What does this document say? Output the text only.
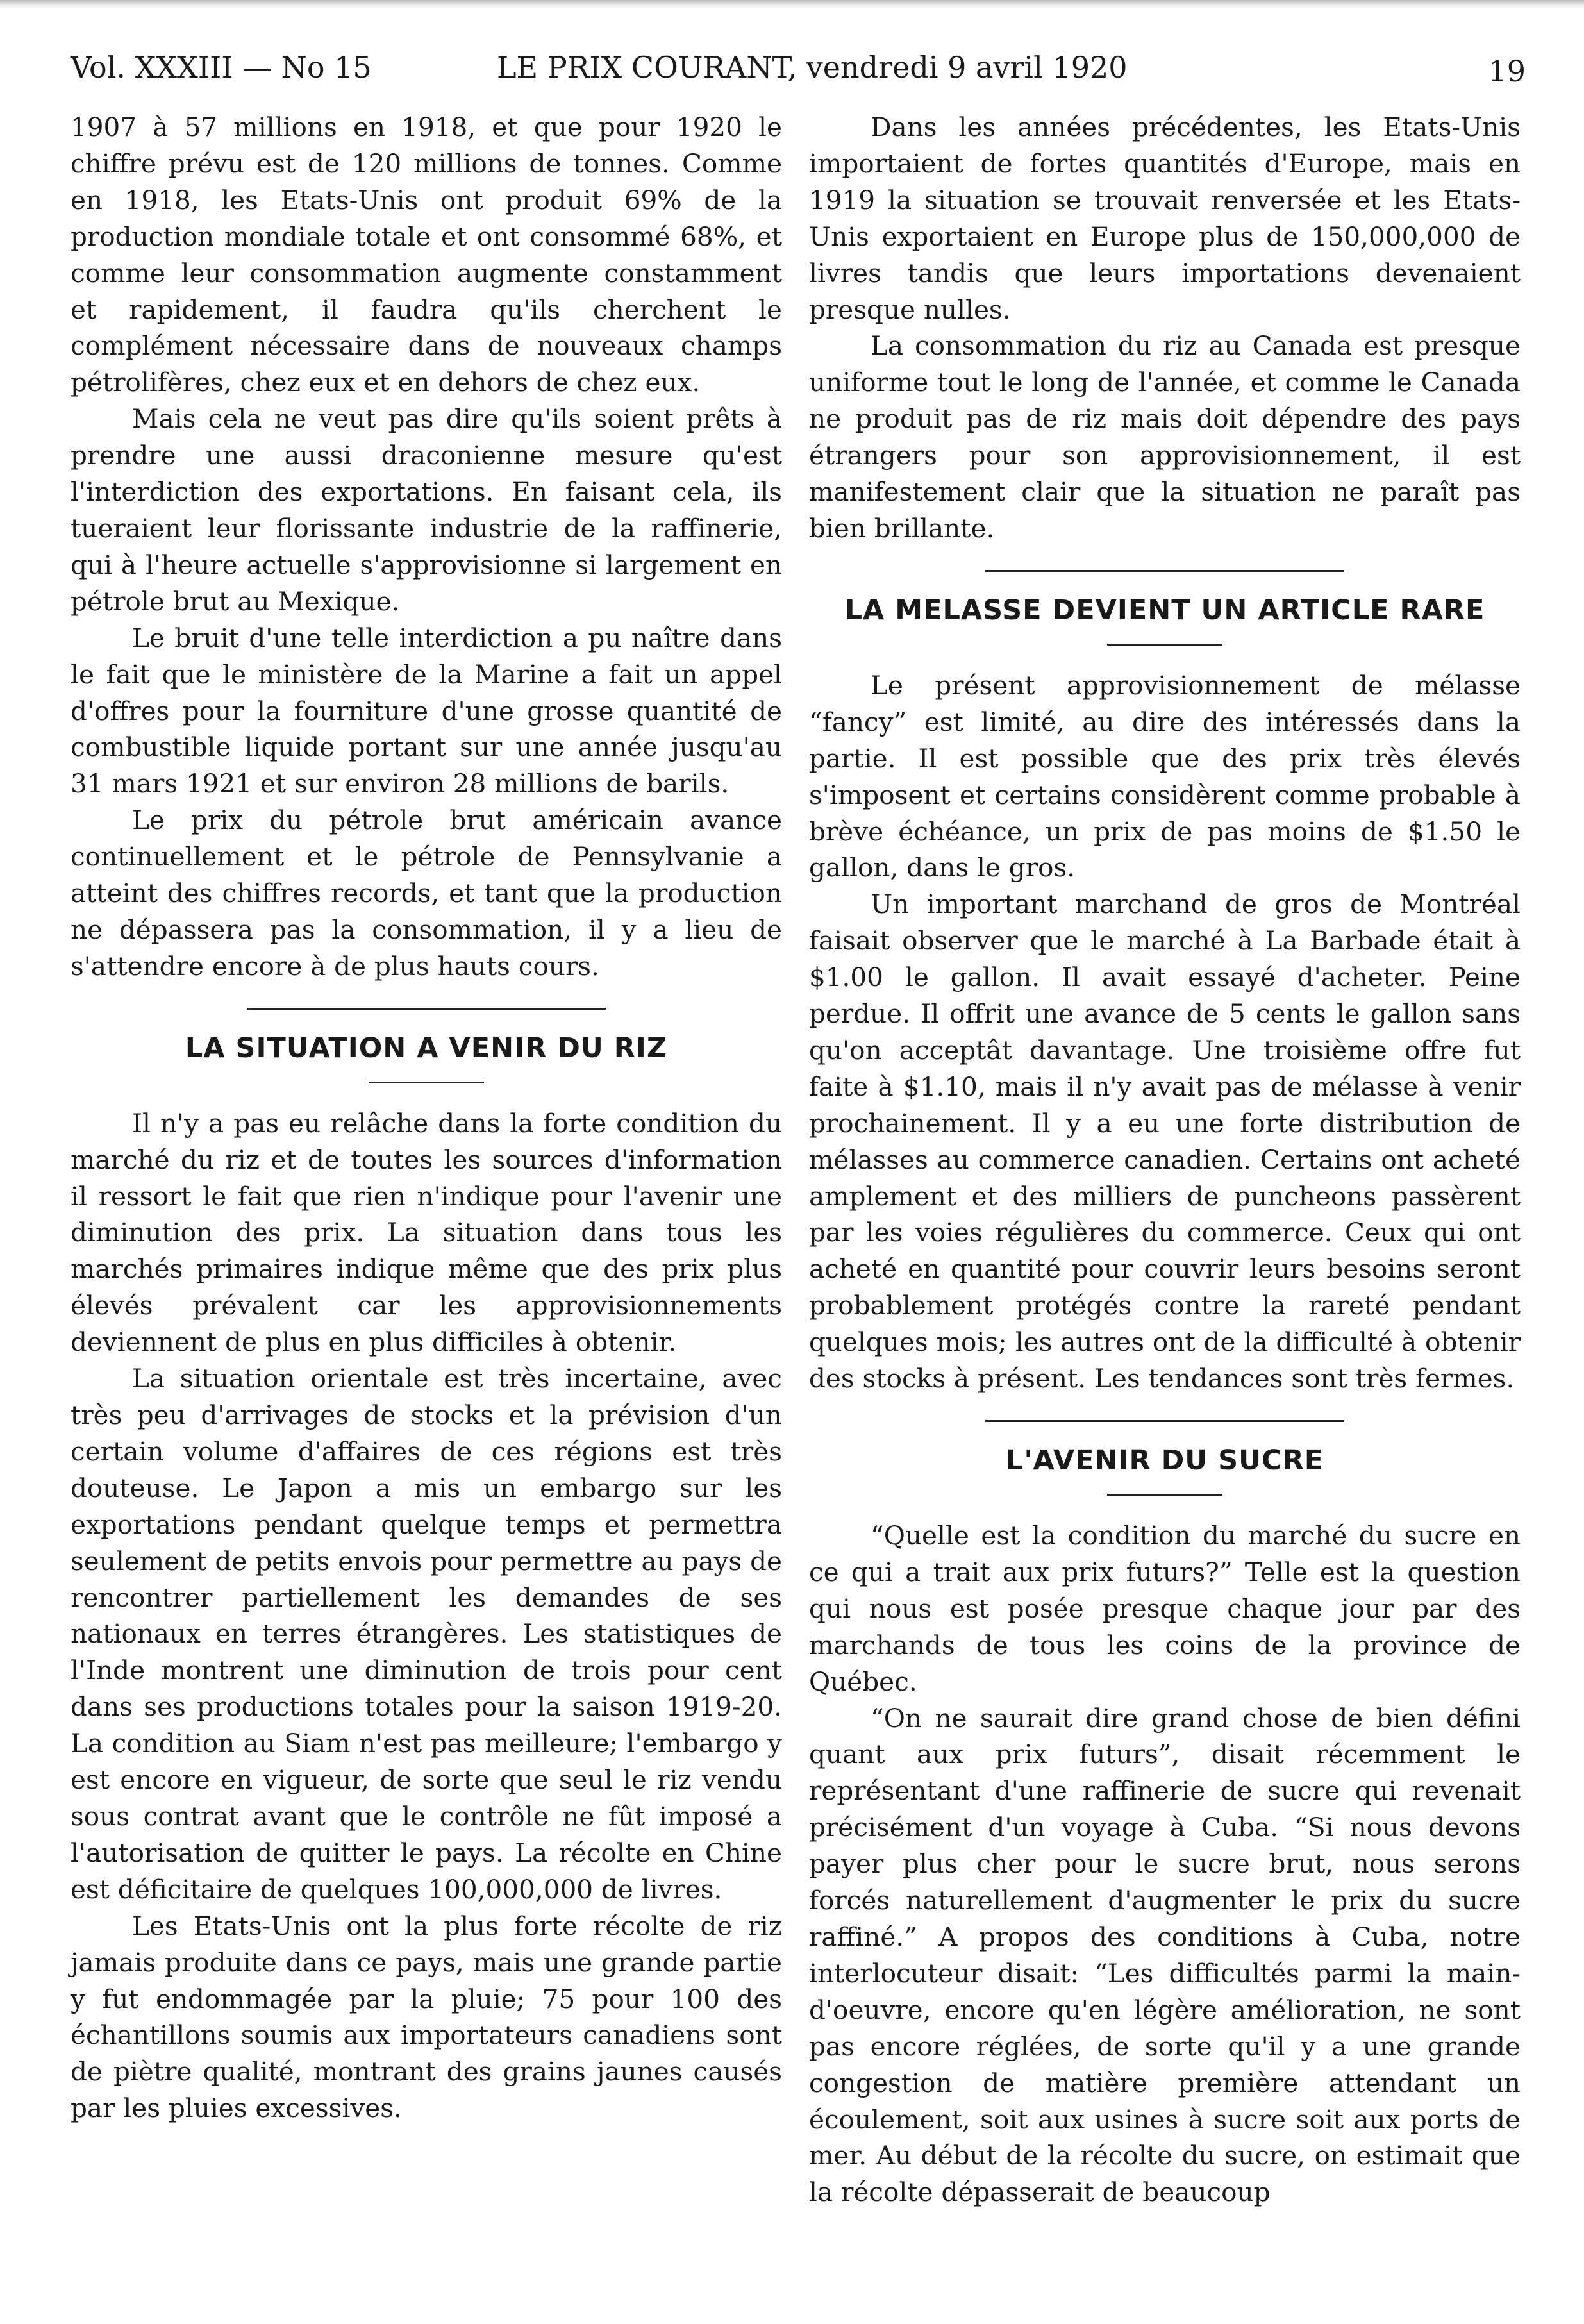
Vol. XXXIII — No 15	LE PRIX COURANT, vendredi 9 avril 1920	19

1907 à 57 millions en 1918, et que pour 1920 le chiffre prévu est de 120 millions de tonnes. Comme en 1918, les Etats-Unis ont produit 69% de la production mondiale totale et ont consommé 68%, et comme leur consommation augmente constamment et rapidement, il faudra qu'ils cherchent le complément nécessaire dans de nouveaux champs pétrolifères, chez eux et en dehors de chez eux.

Mais cela ne veut pas dire qu'ils soient prêts à prendre une aussi draconienne mesure qu'est l'interdiction des exportations. En faisant cela, ils tueraient leur florissante industrie de la raffinerie, qui à l'heure actuelle s'approvisionne si largement en pétrole brut au Mexique.

Le bruit d'une telle interdiction a pu naître dans le fait que le ministère de la Marine a fait un appel d'offres pour la fourniture d'une grosse quantité de combustible liquide portant sur une année jusqu'au 31 mars 1921 et sur environ 28 millions de barils.

Le prix du pétrole brut américain avance continuellement et le pétrole de Pennsylvanie a atteint des chiffres records, et tant que la production ne dépassera pas la consommation, il y a lieu de s'attendre encore à de plus hauts cours.

LA SITUATION A VENIR DU RIZ

Il n'y a pas eu relâche dans la forte condition du marché du riz et de toutes les sources d'information il ressort le fait que rien n'indique pour l'avenir une diminution des prix. La situation dans tous les marchés primaires indique même que des prix plus élevés prévalent car les approvisionnements deviennent de plus en plus difficiles à obtenir.

La situation orientale est très incertaine, avec très peu d'arrivages de stocks et la prévision d'un certain volume d'affaires de ces régions est très douteuse. Le Japon a mis un embargo sur les exportations pendant quelque temps et permettra seulement de petits envois pour permettre au pays de rencontrer partiellement les demandes de ses nationaux en terres étrangères. Les statistiques de l'Inde montrent une diminution de trois pour cent dans ses productions totales pour la saison 1919-20. La condition au Siam n'est pas meilleure; l'embargo y est encore en vigueur, de sorte que seul le riz vendu sous contrat avant que le contrôle ne fût imposé a l'autorisation de quitter le pays. La récolte en Chine est déficitaire de quelques 100,000,000 de livres.

Les Etats-Unis ont la plus forte récolte de riz jamais produite dans ce pays, mais une grande partie y fut endommagée par la pluie; 75 pour 100 des échantillons soumis aux importateurs canadiens sont de piètre qualité, montrant des grains jaunes causés par les pluies excessives.

Dans les années précédentes, les Etats-Unis importaient de fortes quantités d'Europe, mais en 1919 la situation se trouvait renversée et les Etats-Unis exportaient en Europe plus de 150,000,000 de livres tandis que leurs importations devenaient presque nulles.

La consommation du riz au Canada est presque uniforme tout le long de l'année, et comme le Canada ne produit pas de riz mais doit dépendre des pays étrangers pour son approvisionnement, il est manifestement clair que la situation ne paraît pas bien brillante.

LA MELASSE DEVIENT UN ARTICLE RARE

Le présent approvisionnement de mélasse “fancy” est limité, au dire des intéressés dans la partie. Il est possible que des prix très élevés s'imposent et certains considèrent comme probable à brève échéance, un prix de pas moins de $1.50 le gallon, dans le gros.

Un important marchand de gros de Montréal faisait observer que le marché à La Barbade était à $1.00 le gallon. Il avait essayé d'acheter. Peine perdue. Il offrit une avance de 5 cents le gallon sans qu'on acceptât davantage. Une troisième offre fut faite à $1.10, mais il n'y avait pas de mélasse à venir prochainement. Il y a eu une forte distribution de mélasses au commerce canadien. Certains ont acheté amplement et des milliers de puncheons passèrent par les voies régulières du commerce. Ceux qui ont acheté en quantité pour couvrir leurs besoins seront probablement protégés contre la rareté pendant quelques mois; les autres ont de la difficulté à obtenir des stocks à présent. Les tendances sont très fermes.

L'AVENIR DU SUCRE

“Quelle est la condition du marché du sucre en ce qui a trait aux prix futurs?” Telle est la question qui nous est posée presque chaque jour par des marchands de tous les coins de la province de Québec.

“On ne saurait dire grand chose de bien défini quant aux prix futurs”, disait récemment le représentant d'une raffinerie de sucre qui revenait précisément d'un voyage à Cuba. “Si nous devons payer plus cher pour le sucre brut, nous serons forcés naturellement d'augmenter le prix du sucre raffiné.” A propos des conditions à Cuba, notre interlocuteur disait: “Les difficultés parmi la main-d'oeuvre, encore qu'en légère amélioration, ne sont pas encore réglées, de sorte qu'il y a une grande congestion de matière première attendant un écoulement, soit aux usines à sucre soit aux ports de mer. Au début de la récolte du sucre, on estimait que la récolte dépasserait de beaucoup
